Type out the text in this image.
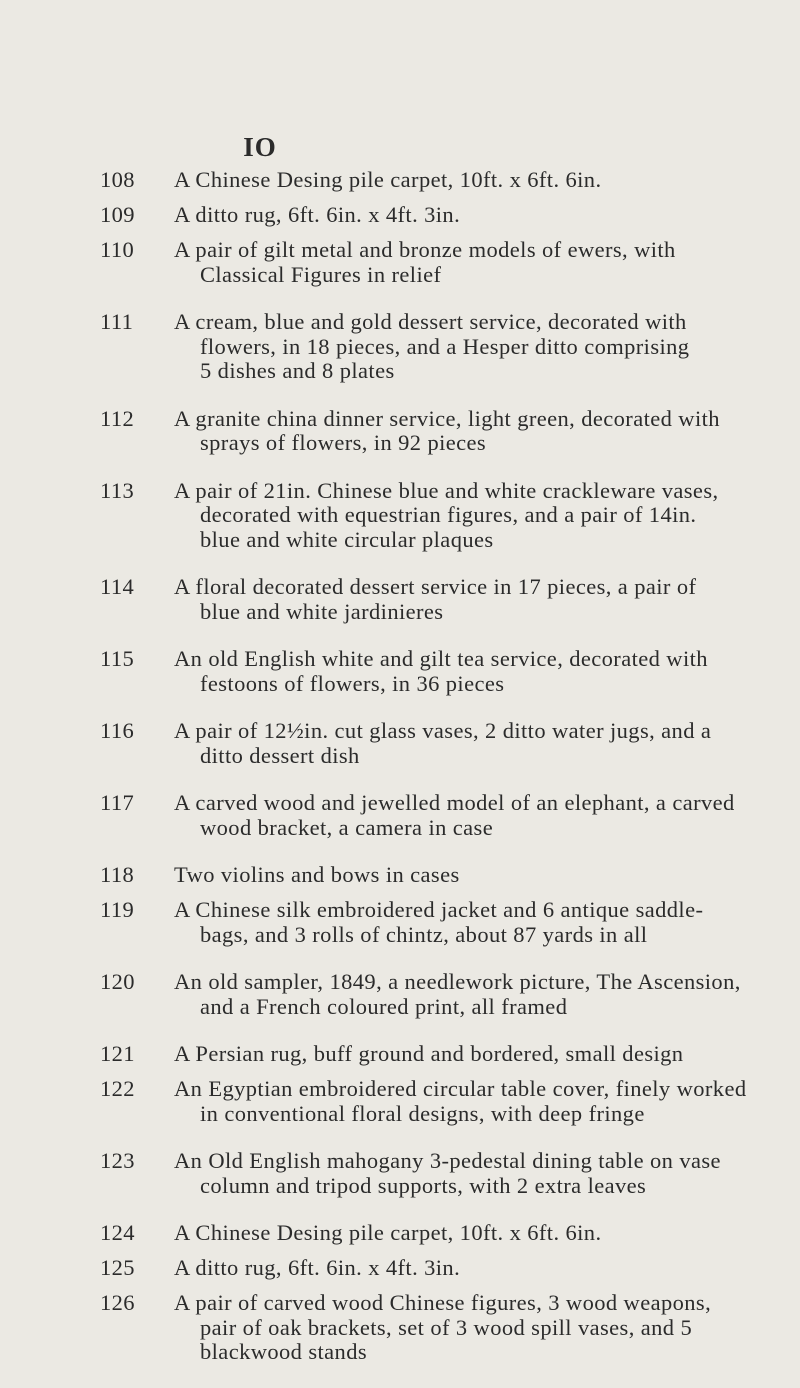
IO
108	A Chinese Desing pile carpet, 10ft. x 6ft. 6in.
109	A ditto rug, 6ft. 6in. x 4ft. 3in.
110	A pair of gilt metal and bronze models of ewers, with
Classical Figures in relief
111	A cream, blue and gold dessert service, decorated with
flowers, in 18 pieces, and a Hesper ditto comprising
5 dishes and 8 plates
112	A granite china dinner service, light green, decorated with
sprays of flowers, in 92 pieces
113	A pair of 21in. Chinese blue and white crackleware vases,
decorated with equestrian figures, and a pair of 14in.
blue and white circular plaques
114	A floral decorated dessert service in 17 pieces, a pair of
blue and white jardinieres
115	An old English white and gilt tea service, decorated with
festoons of flowers, in 36 pieces
116	A pair of 12½in. cut glass vases, 2 ditto water jugs, and a
ditto dessert dish
117	A carved wood and jewelled model of an elephant, a carved
wood bracket, a camera in case
118	Two violins and bows in cases
119	A Chinese silk embroidered jacket and 6 antique saddle-
bags, and 3 rolls of chintz, about 87 yards in all
120	An old sampler, 1849, a needlework picture, The Ascension,
and a French coloured print, all framed
121	A Persian rug, buff ground and bordered, small design
122	An Egyptian embroidered circular table cover, finely worked
in conventional floral designs, with deep fringe
123	An Old English mahogany 3-pedestal dining table on vase
column and tripod supports, with 2 extra leaves
124	A Chinese Desing pile carpet, 10ft. x 6ft. 6in.
125	A ditto rug, 6ft. 6in. x 4ft. 3in.
126	A pair of carved wood Chinese figures, 3 wood weapons,
pair of oak brackets, set of 3 wood spill vases, and 5
blackwood stands
